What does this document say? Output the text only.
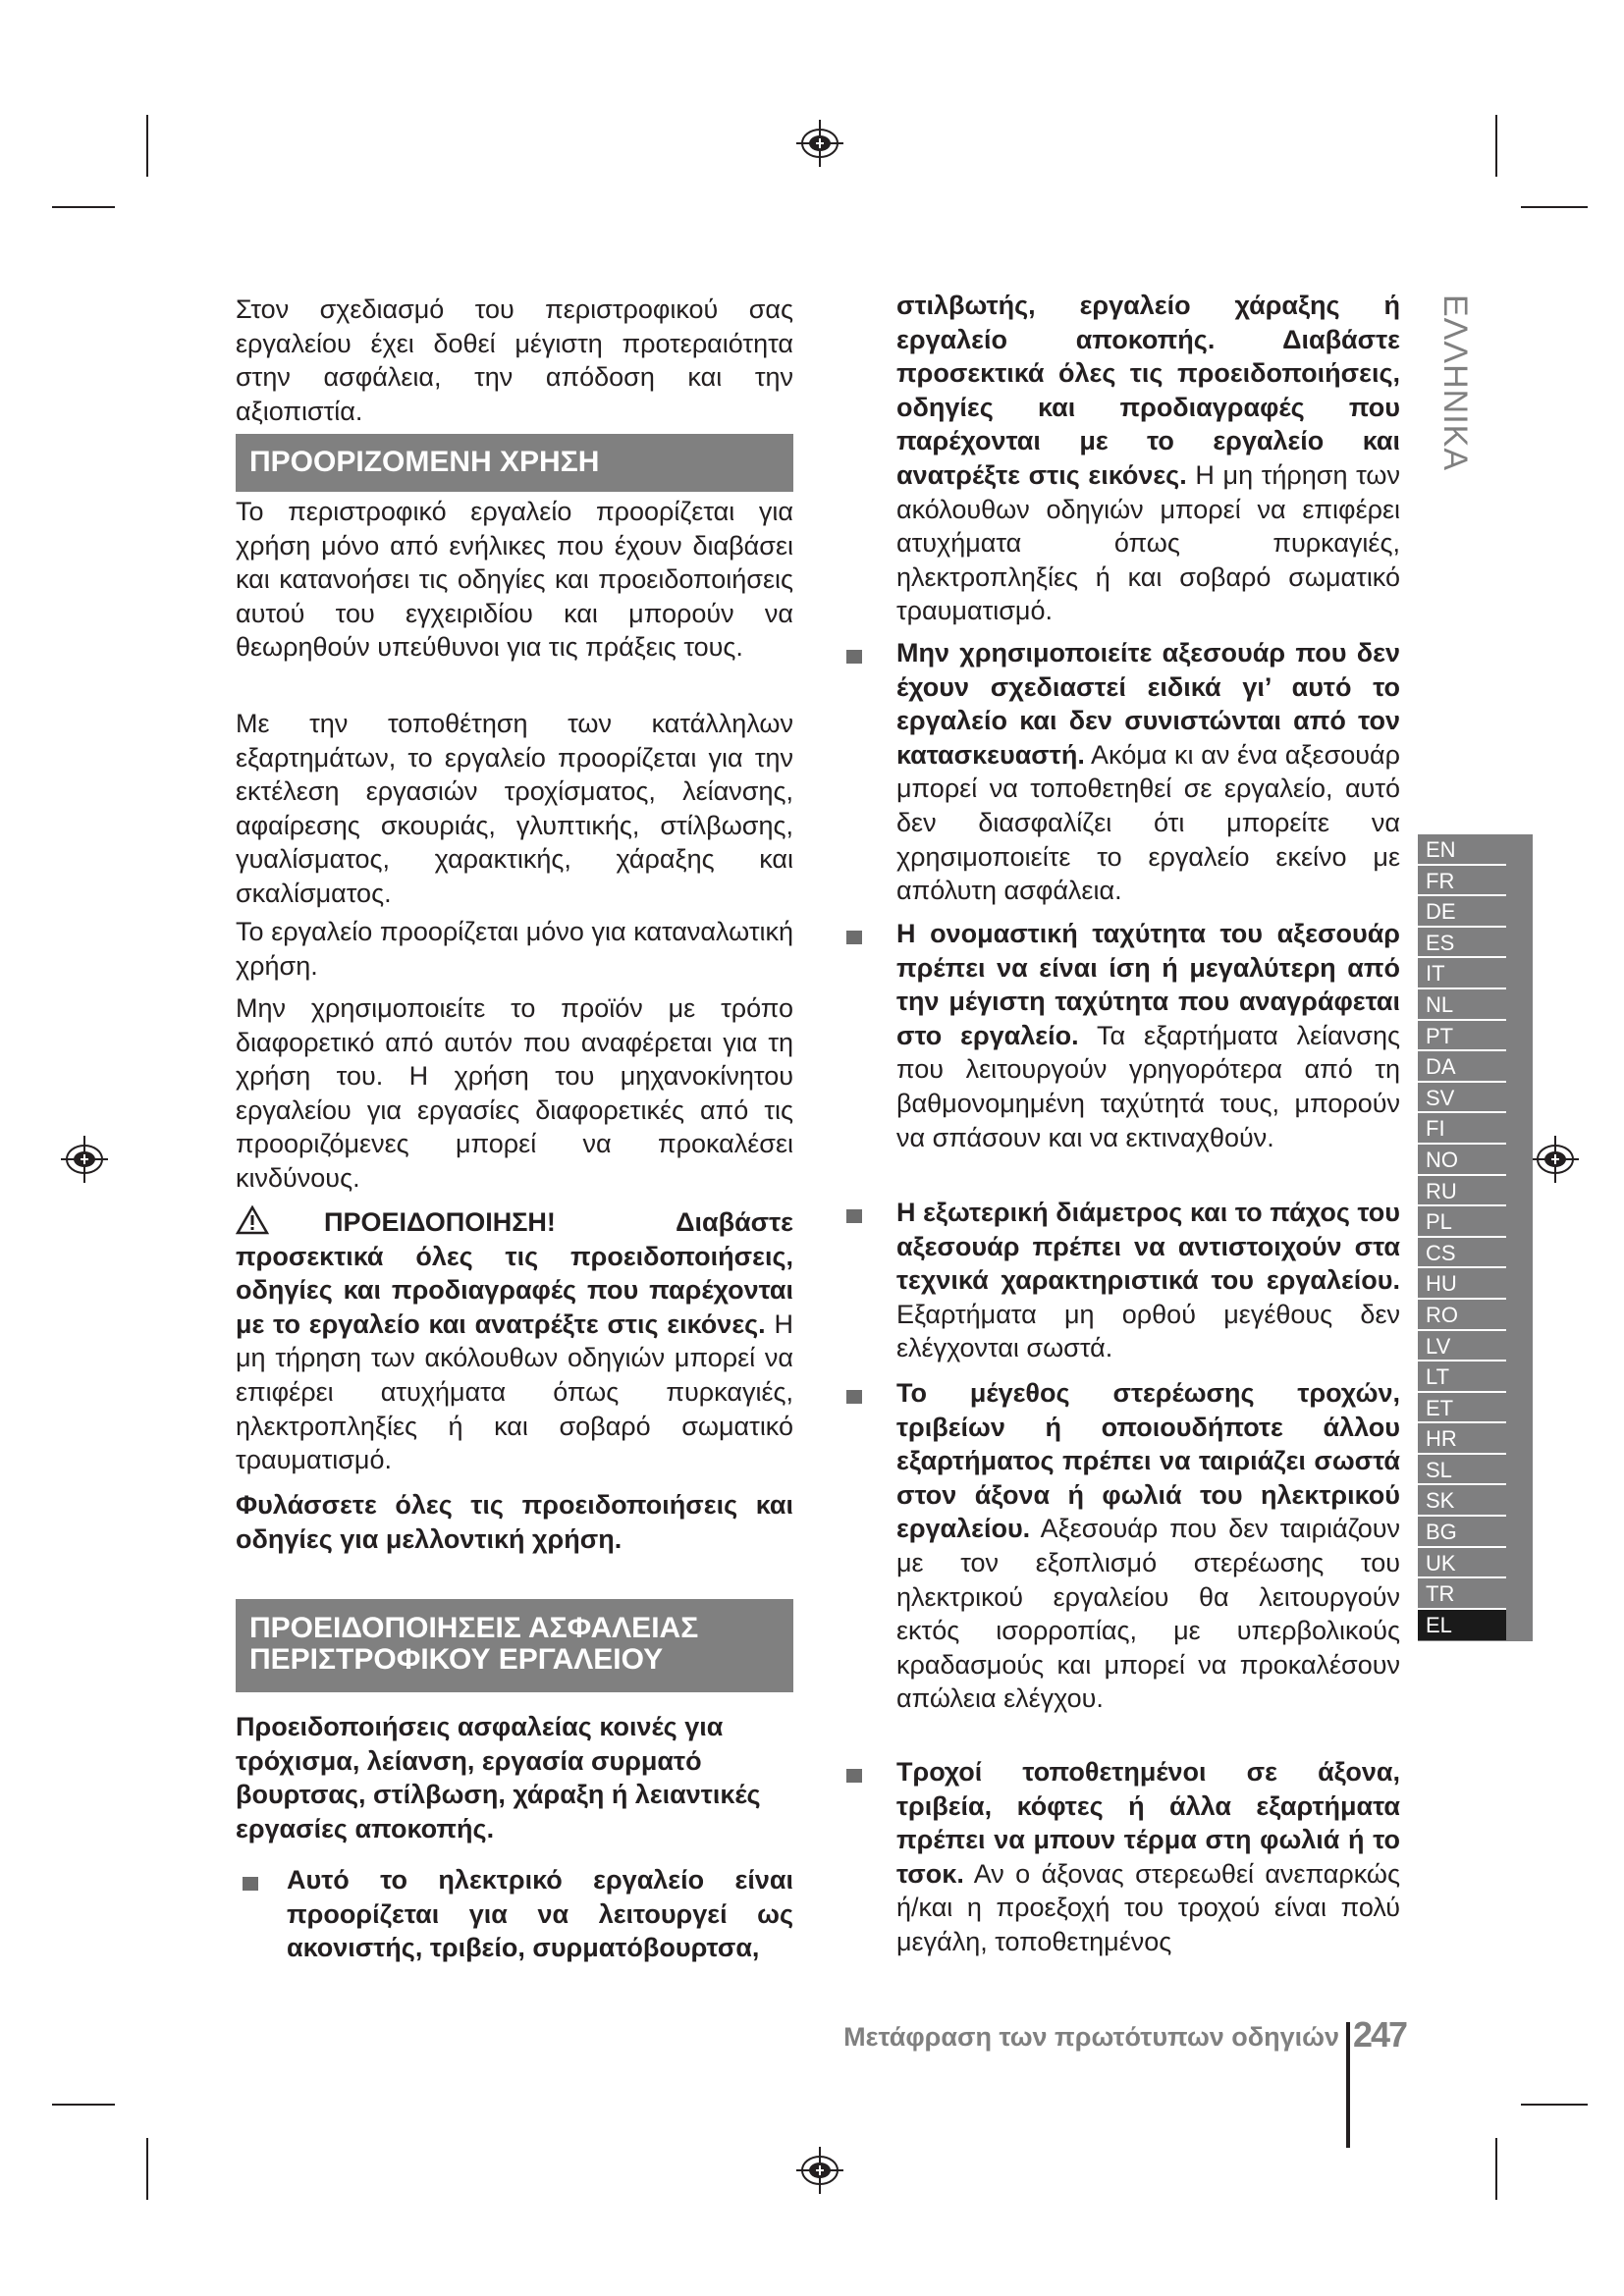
Στον σχεδιασμό του περιστροφικού σας εργαλείου έχει δοθεί μέγιστη προτεραιότητα στην ασφάλεια, την απόδοση και την αξιοπιστία.

ΠΡΟΟΡΙΖΟΜΕΝΗ ΧΡΗΣΗ

Το περιστροφικό εργαλείο προορίζεται για χρήση μόνο από ενήλικες που έχουν διαβάσει και κατανοήσει τις οδηγίες και προειδοποιήσεις αυτού του εγχειριδίου και μπορούν να θεωρηθούν υπεύθυνοι για τις πράξεις τους.

Με την τοποθέτηση των κατάλληλων εξαρτημάτων, το εργαλείο προορίζεται για την εκτέλεση εργασιών τροχίσματος, λείανσης, αφαίρεσης σκουριάς, γλυπτικής, στίλβωσης, γυαλίσματος, χαρακτικής, χάραξης και σκαλίσματος.

Το εργαλείο προορίζεται μόνο για καταναλωτική χρήση.

Μην χρησιμοποιείτε το προϊόν με τρόπο διαφορετικό από αυτόν που αναφέρεται για τη χρήση του. Η χρήση του μηχανοκίνητου εργαλείου για εργασίες διαφορετικές από τις προοριζόμενες μπορεί να προκαλέσει κινδύνους.

ΠΡΟΕΙΔΟΠΟΙΗΣΗ! Διαβάστε προσεκτικά όλες τις προειδοποιήσεις, οδηγίες και προδιαγραφές που παρέχονται με το εργαλείο και ανατρέξτε στις εικόνες. Η μη τήρηση των ακόλουθων οδηγιών μπορεί να επιφέρει ατυχήματα όπως πυρκαγιές, ηλεκτροπληξίες ή και σοβαρό σωματικό τραυματισμό.

Φυλάσσετε όλες τις προειδοποιήσεις και οδηγίες για μελλοντική χρήση.

ΠΡΟΕΙΔΟΠΟΙΗΣΕΙΣ ΑΣΦΑΛΕΙΑΣ
ΠΕΡΙΣΤΡΟΦΙΚΟΥ ΕΡΓΑΛΕΙΟΥ

Προειδοποιήσεις ασφαλείας κοινές για τρόχισμα, λείανση, εργασία συρματό βουρτσας, στίλβωση, χάραξη ή λειαντικές εργασίες αποκοπής.

Αυτό το ηλεκτρικό εργαλείο είναι προορίζεται για να λειτουργεί ως ακονιστής, τριβείο, συρματόβουρτσα,

στιλβωτής, εργαλείο χάραξης ή εργαλείο αποκοπής. Διαβάστε προσεκτικά όλες τις προειδοποιήσεις, οδηγίες και προδιαγραφές που παρέχονται με το εργαλείο και ανατρέξτε στις εικόνες. Η μη τήρηση των ακόλουθων οδηγιών μπορεί να επιφέρει ατυχήματα όπως πυρκαγιές, ηλεκτροπληξίες ή και σοβαρό σωματικό τραυματισμό.
Μην χρησιμοποιείτε αξεσουάρ που δεν έχουν σχεδιαστεί ειδικά γι’ αυτό το εργαλείο και δεν συνιστώνται από τον κατασκευαστή. Ακόμα κι αν ένα αξεσουάρ μπορεί να τοποθετηθεί σε εργαλείο, αυτό δεν διασφαλίζει ότι μπορείτε να χρησιμοποιείτε το εργαλείο εκείνο με απόλυτη ασφάλεια.
Η ονομαστική ταχύτητα του αξεσουάρ πρέπει να είναι ίση ή μεγαλύτερη από την μέγιστη ταχύτητα που αναγράφεται στο εργαλείο. Τα εξαρτήματα λείανσης που λειτουργούν γρηγορότερα από τη βαθμονομημένη ταχύτητά τους, μπορούν να σπάσουν και να εκτιναχθούν.
Η εξωτερική διάμετρος και το πάχος του αξεσουάρ πρέπει να αντιστοιχούν στα τεχνικά χαρακτηριστικά του εργαλείου. Εξαρτήματα μη ορθού μεγέθους δεν ελέγχονται σωστά.
Το μέγεθος στερέωσης τροχών, τριβείων ή οποιουδήποτε άλλου εξαρτήματος πρέπει να ταιριάζει σωστά στον άξονα ή φωλιά του ηλεκτρικού εργαλείου. Αξεσουάρ που δεν ταιριάζουν με τον εξοπλισμό στερέωσης του ηλεκτρικού εργαλείου θα λειτουργούν εκτός ισορροπίας, με υπερβολικούς κραδασμούς και μπορεί να προκαλέσουν απώλεια ελέγχου.
Τροχοί τοποθετημένοι σε άξονα, τριβεία, κόφτες ή άλλα εξαρτήματα πρέπει να μπουν τέρμα στη φωλιά ή το τσοκ. Αν ο άξονας στερεωθεί ανεπαρκώς ή/και η προεξοχή του τροχού είναι πολύ μεγάλη, τοποθετημένος
ΕΛΛΗΝΙΚΑ
EN
FR
DE
ES
IT
NL
PT
DA
SV
FI
NO
RU
PL
CS
HU
RO
LV
LT
ET
HR
SL
SK
BG
UK
TR
EL
Μετάφραση των πρωτότυπων οδηγιών 247
